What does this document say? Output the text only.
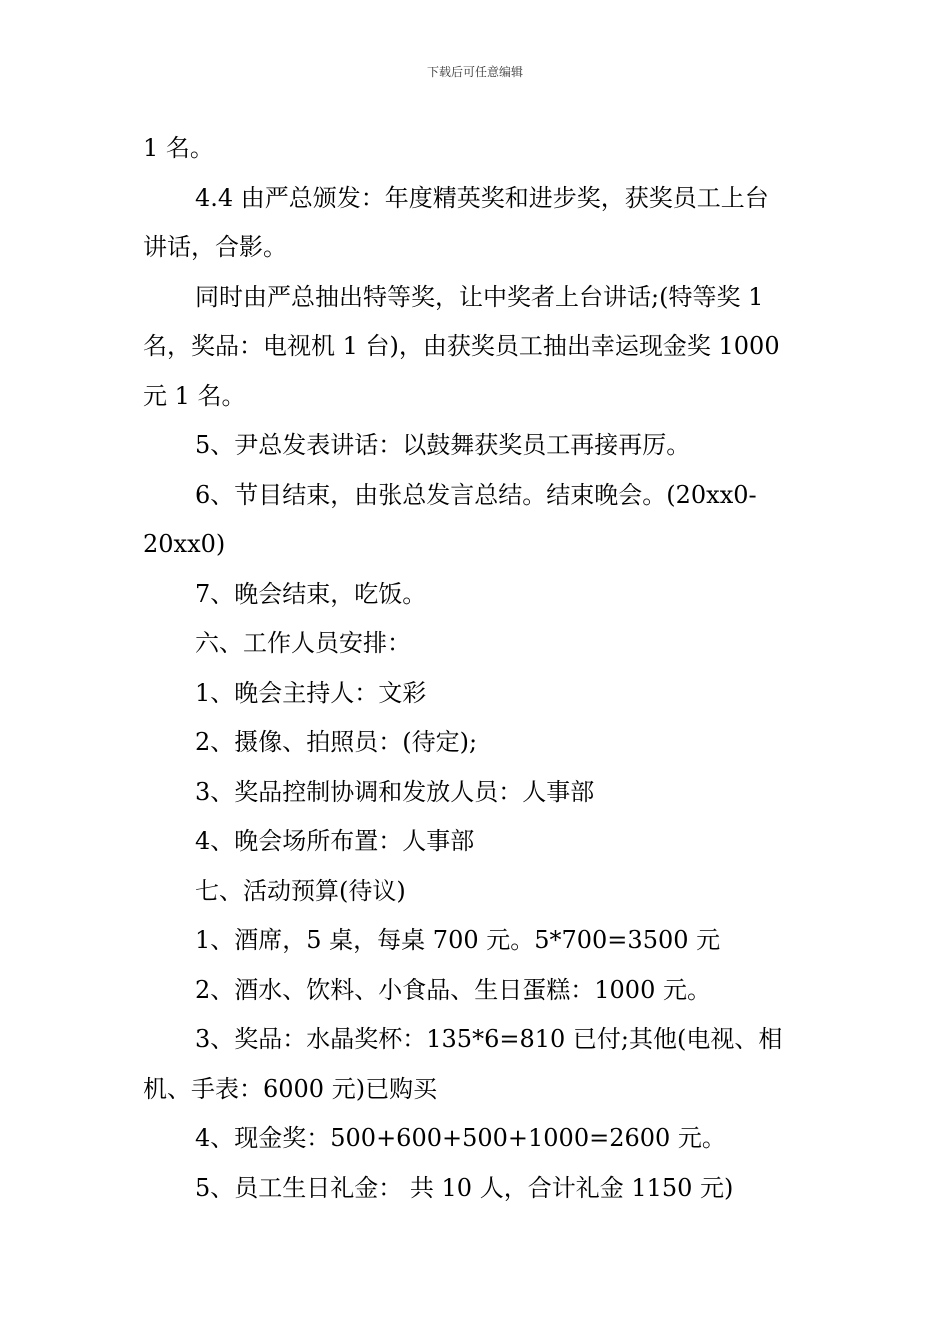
下载后可任意编辑

1 名。

4.4 由严总颁发：年度精英奖和进步奖，获奖员工上台

讲话，合影。

同时由严总抽出特等奖，让中奖者上台讲话;(特等奖 1

名，奖品：电视机 1 台)，由获奖员工抽出幸运现金奖 1000

元 1 名。

5、尹总发表讲话：以鼓舞获奖员工再接再厉。

6、节目结束，由张总发言总结。结束晚会。(20xx0-

20xx0)

7、晚会结束，吃饭。

六、工作人员安排：

1、晚会主持人：文彩

2、摄像、拍照员：(待定);

3、奖品控制协调和发放人员：人事部

4、晚会场所布置：人事部

七、活动预算(待议)

1、酒席，5 桌，每桌 700 元。5*700=3500 元

2、酒水、饮料、小食品、生日蛋糕：1000 元。

3、奖品：水晶奖杯：135*6=810 已付;其他(电视、相

机、手表：6000 元)已购买

4、现金奖：500+600+500+1000=2600 元。

5、员工生日礼金： 共 10 人，合计礼金 1150 元)
